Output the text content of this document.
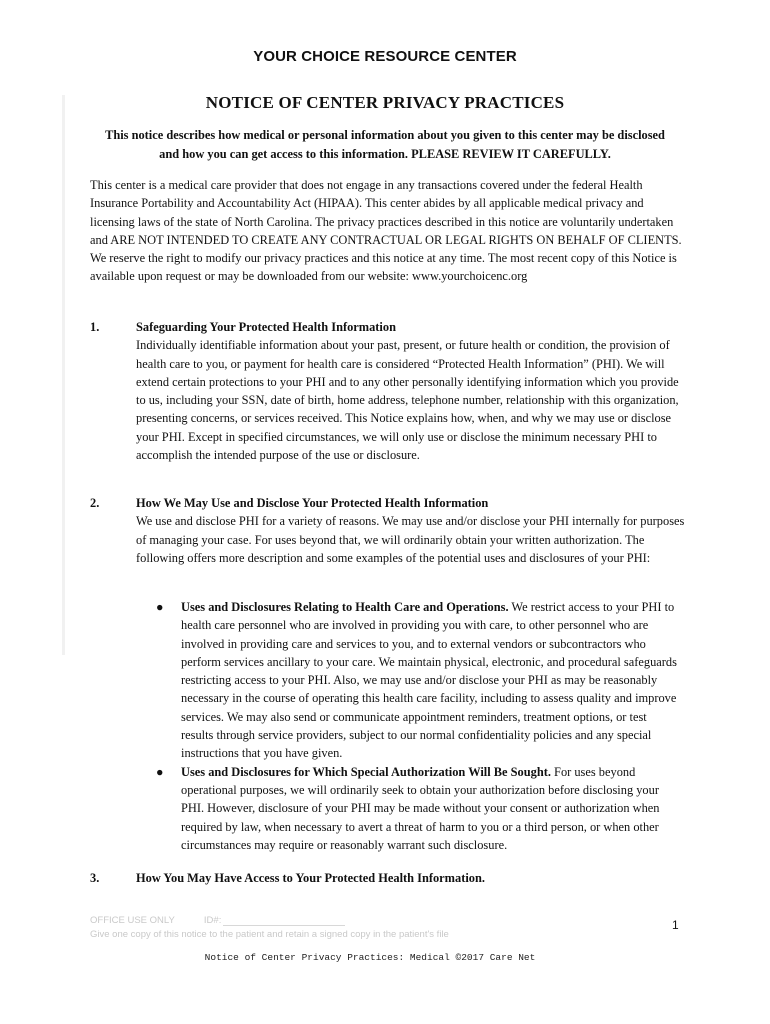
YOUR CHOICE RESOURCE CENTER
NOTICE OF CENTER PRIVACY PRACTICES
This notice describes how medical or personal information about you given to this center may be disclosed and how you can get access to this information. PLEASE REVIEW IT CAREFULLY.
This center is a medical care provider that does not engage in any transactions covered under the federal Health Insurance Portability and Accountability Act (HIPAA). This center abides by all applicable medical privacy and licensing laws of the state of North Carolina. The privacy practices described in this notice are voluntarily undertaken and ARE NOT INTENDED TO CREATE ANY CONTRACTUAL OR LEGAL RIGHTS ON BEHALF OF CLIENTS. We reserve the right to modify our privacy practices and this notice at any time. The most recent copy of this Notice is available upon request or may be downloaded from our website: www.yourchoicenc.org
1.	Safeguarding Your Protected Health Information
Individually identifiable information about your past, present, or future health or condition, the provision of health care to you, or payment for health care is considered “Protected Health Information” (PHI). We will extend certain protections to your PHI and to any other personally identifying information which you provide to us, including your SSN, date of birth, home address, telephone number, relationship with this organization, presenting concerns, or services received. This Notice explains how, when, and why we may use or disclose your PHI. Except in specified circumstances, we will only use or disclose the minimum necessary PHI to accomplish the intended purpose of the use or disclosure.
2.	How We May Use and Disclose Your Protected Health Information
We use and disclose PHI for a variety of reasons. We may use and/or disclose your PHI internally for purposes of managing your case. For uses beyond that, we will ordinarily obtain your written authorization. The following offers more description and some examples of the potential uses and disclosures of your PHI:
● Uses and Disclosures Relating to Health Care and Operations. We restrict access to your PHI to health care personnel who are involved in providing you with care, to other personnel who are involved in providing care and services to you, and to external vendors or subcontractors who perform services ancillary to your care. We maintain physical, electronic, and procedural safeguards restricting access to your PHI. Also, we may use and/or disclose your PHI as may be reasonably necessary in the course of operating this health care facility, including to assess quality and improve services. We may also send or communicate appointment reminders, treatment options, or test results through service providers, subject to our normal confidentiality policies and any special instructions that you have given.
● Uses and Disclosures for Which Special Authorization Will Be Sought. For uses beyond operational purposes, we will ordinarily seek to obtain your authorization before disclosing your PHI. However, disclosure of your PHI may be made without your consent or authorization when required by law, when necessary to avert a threat of harm to you or a third person, or when other circumstances may require or reasonably warrant such disclosure.
3.	How You May Have Access to Your Protected Health Information.
OFFICE USE ONLY	ID#:
Give one copy of this notice to the patient and retain a signed copy in the patient's file
1
Notice of Center Privacy Practices: Medical ©2017 Care Net
